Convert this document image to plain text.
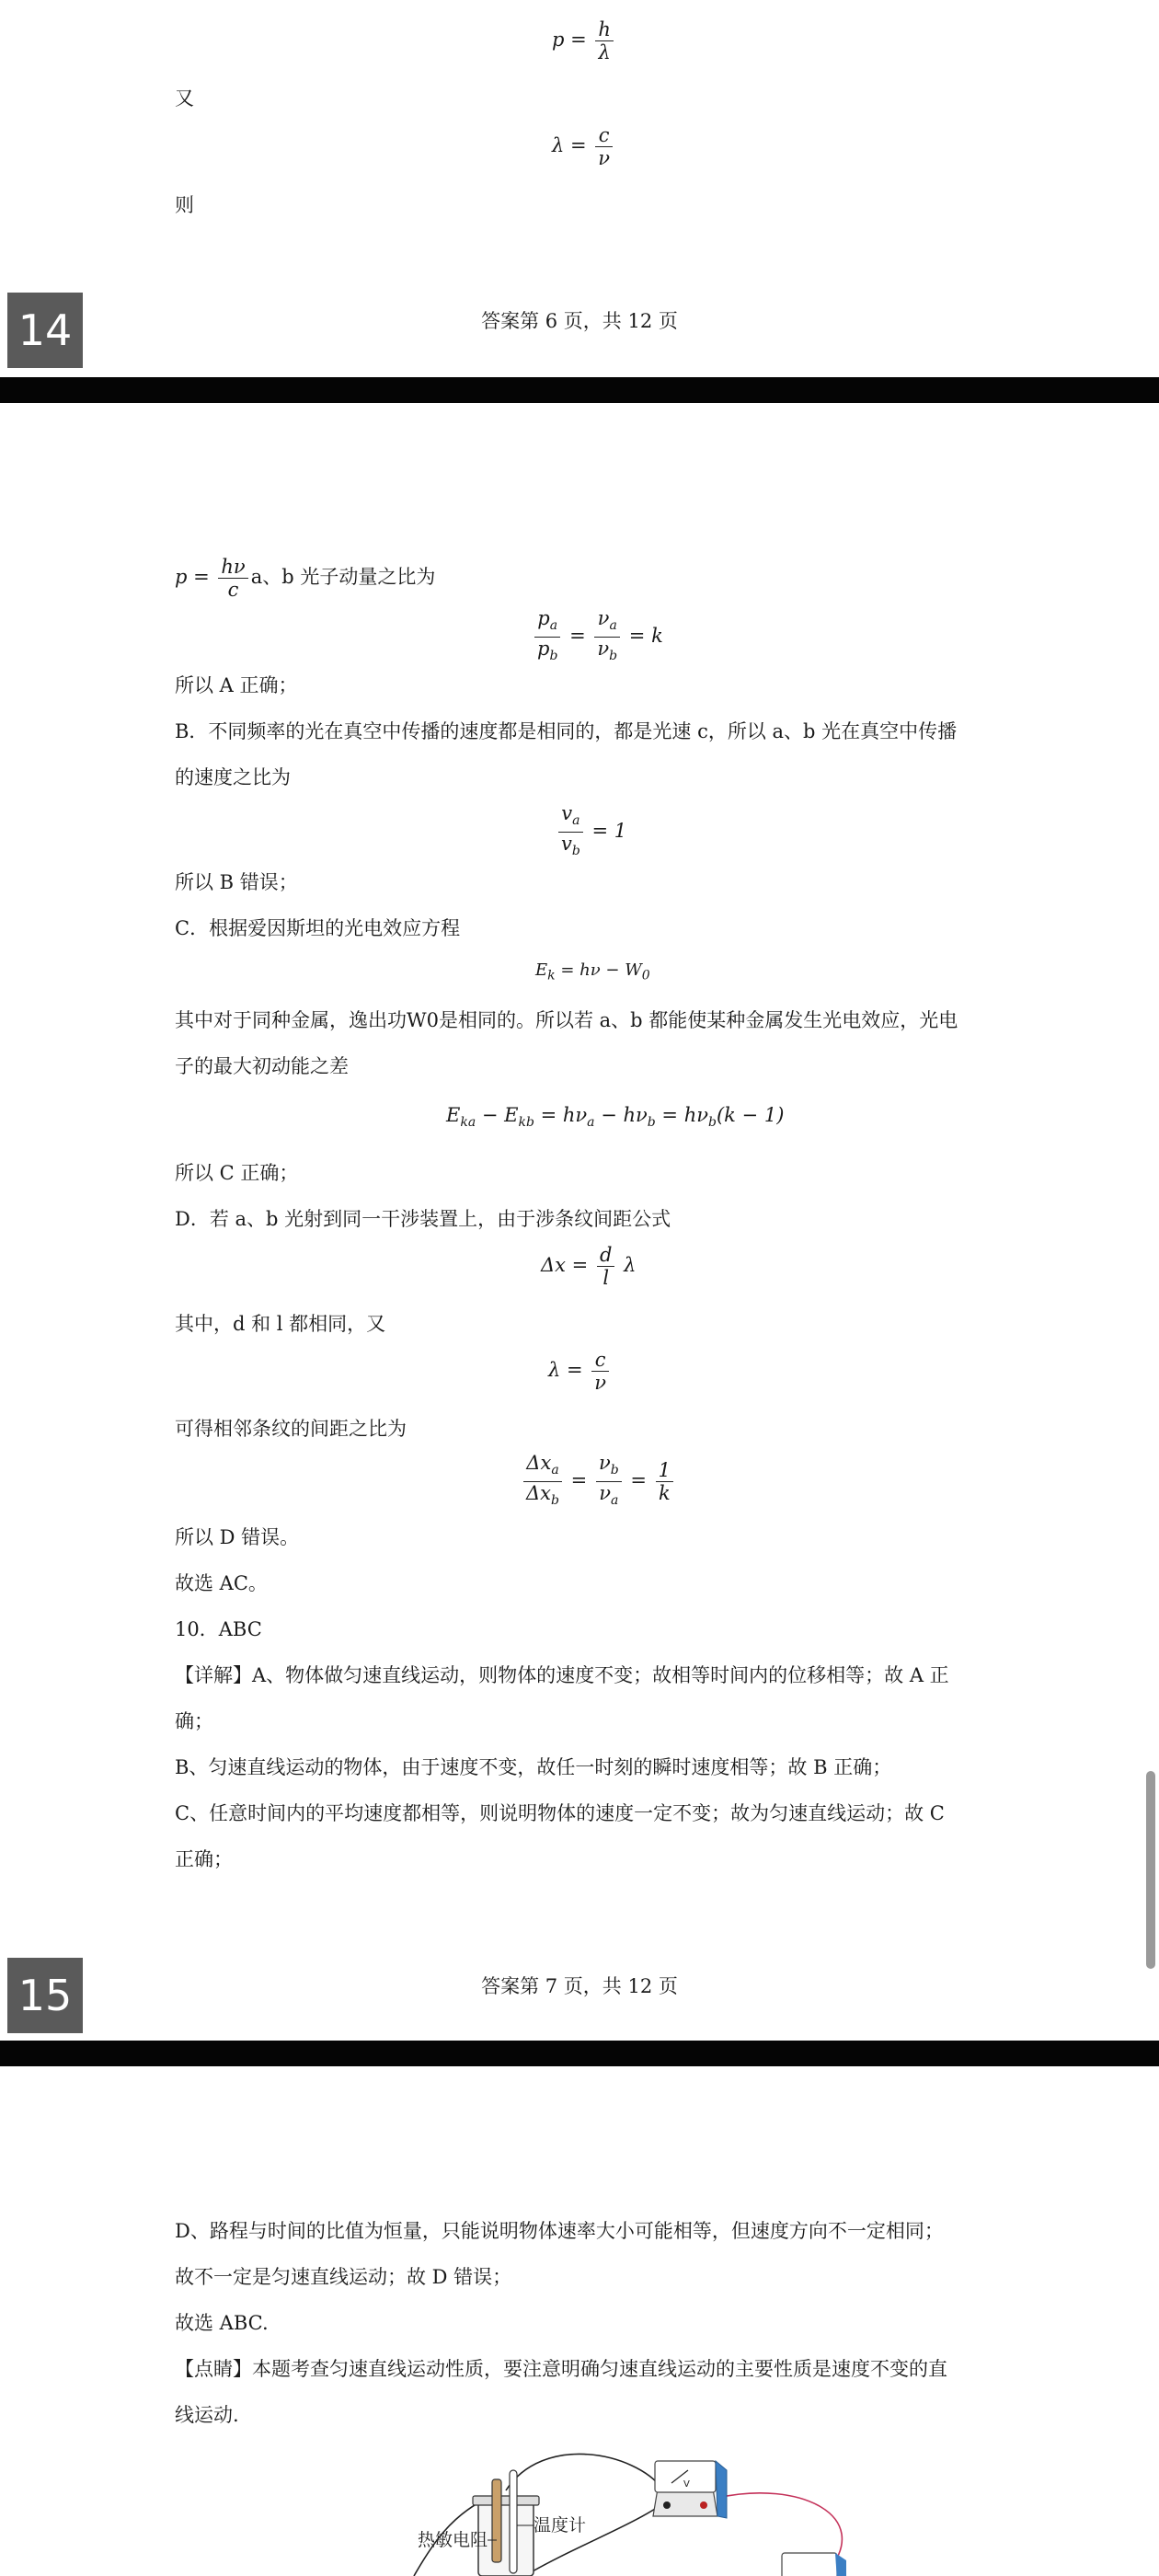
$p = \frac{h}{\lambda}$
又
$\lambda = \frac{c}{\nu}$
则
14	答案第 6 页，共 12 页
$p = \frac{h\nu}{c}$ a、b 光子动量之比为
$\frac{p_a}{p_b} = \frac{\nu_a}{\nu_b} = k$
所以 A 正确；
B．不同频率的光在真空中传播的速度都是相同的，都是光速 c，所以 a、b 光在真空中传播
的速度之比为
$\frac{v_a}{v_b} = 1$
所以 B 错误；
C．根据爱因斯坦的光电效应方程
$E_k = h\nu - W_0$
其中对于同种金属，逸出功W0是相同的。所以若 a、b 都能使某种金属发生光电效应，光电
子的最大初动能之差
$E_{ka} - E_{kb} = h\nu_a - h\nu_b = h\nu_b(k - 1)$
所以 C 正确；
D．若 a、b 光射到同一干涉装置上，由于涉条纹间距公式
$\Delta x = \frac{d}{l}$ λ
其中，d 和 l 都相同，又
$\lambda = \frac{c}{\nu}$
可得相邻条纹的间距之比为
$\frac{\Delta x_a}{\Delta x_b} = \frac{\nu_b}{\nu_a} = \frac{1}{k}$
所以 D 错误。
故选 AC。
10．ABC
【详解】A、物体做匀速直线运动，则物体的速度不变；故相等时间内的位移相等；故 A 正
确；
B、匀速直线运动的物体，由于速度不变，故任一时刻的瞬时速度相等；故 B 正确；
C、任意时间内的平均速度都相等，则说明物体的速度一定不变；故为匀速直线运动；故 C
正确；
15	答案第 7 页，共 12 页
D、路程与时间的比值为恒量，只能说明物体速率大小可能相等，但速度方向不一定相同；
故不一定是匀速直线运动；故 D 错误；
故选 ABC.
【点睛】本题考查匀速直线运动性质，要注意明确匀速直线运动的主要性质是速度不变的直
线运动.
V
热敏电阻
温度计
